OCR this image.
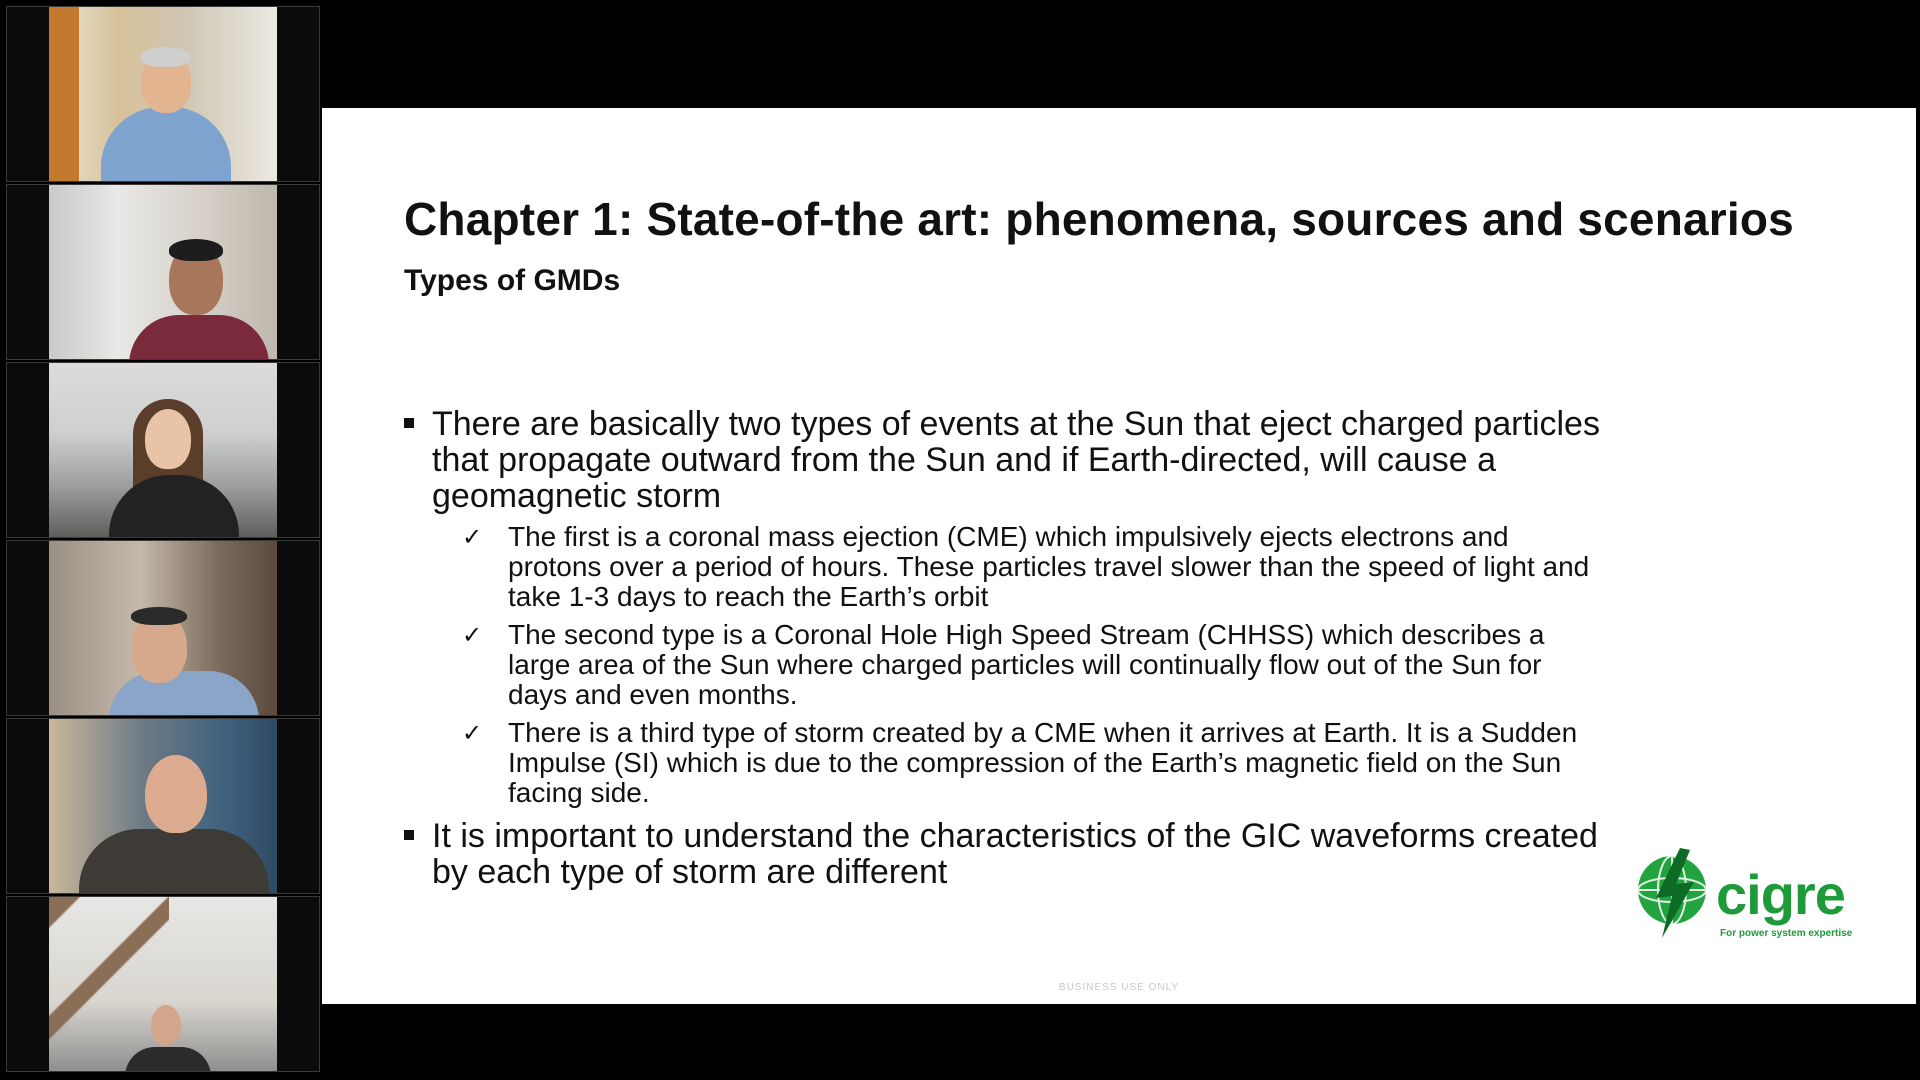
Chapter 1: State-of-the art: phenomena, sources and scenarios
Types of GMDs
There are basically two types of events at the Sun that eject charged particles that propagate outward from the Sun and if Earth-directed, will cause a geomagnetic storm
✓ The first is a coronal mass ejection (CME) which impulsively ejects electrons and protons over a period of hours. These particles travel slower than the speed of light and take 1-3 days to reach the Earth’s orbit
✓ The second type is a Coronal Hole High Speed Stream (CHHSS) which describes a large area of the Sun where charged particles will continually flow out of the Sun for days and even months.
✓ There is a third type of storm created by a CME when it arrives at Earth. It is a Sudden Impulse (SI) which is due to the compression of the Earth’s magnetic field on the Sun facing side.
It is important to understand the characteristics of the GIC waveforms created by each type of storm are different	cigre
For power system expertise
BUSINESS USE ONLY
